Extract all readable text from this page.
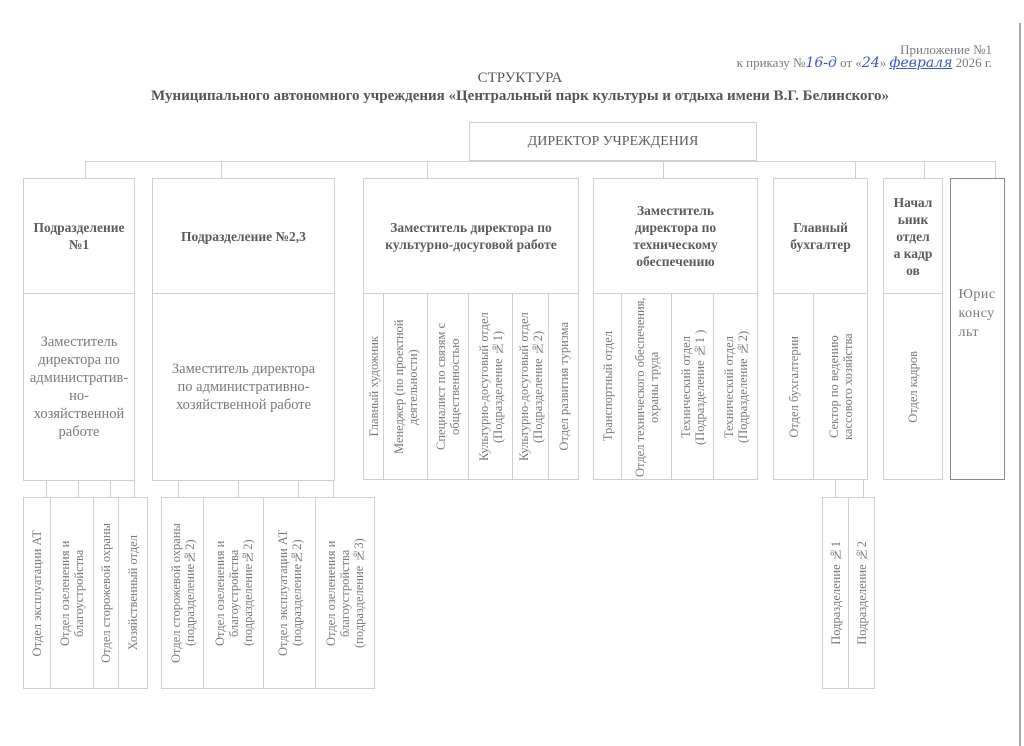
Приложение №1
к приказу №16-д от «24» февраля 2026 г.
СТРУКТУРА
Муниципального автономного учреждения «Центральный парк культуры и отдыха имени В.Г. Белинского»
ДИРЕКТОР УЧРЕЖДЕНИЯ
Подразделение №1
Заместитель директора по административно-хозяйственной работе
Отдел эксплуатации АТ Отдел озеленения и благоустройства Отдел сторожевой охраны Хозяйственный отдел
Подразделение №2,3
Заместитель директора по административно-хозяйственной работе
Отдел сторожевой охраны (подразделение№2) Отдел озеленения и благоустройства (подразделение№2) Отдел эксплуатации АТ (подразделение№2) Отдел озеленения и благоустройства (подразделение №3)
Заместитель директора по культурно-досуговой работе
Главный художник Менеджер (по проектной деятельности) Специалист по связям с общественностью Культурно-досуговый отдел (Подразделение №1) Культурно-досуговый отдел (Подразделение №2) Отдел развития туризма
Заместитель директора по техническому обеспечению
Транспортный отдел Отдел технического обеспечения, охраны труда Технический отдел (Подразделение №1 ) Технический отдел (Подразделение №2)
Главный бухгалтер
Отдел бухгалтерии Сектор по ведению кассового хозяйства
Подразделение №1 Подразделение №2
Начальник отдела кадров
Отдел кадров
Юрисконсульт
